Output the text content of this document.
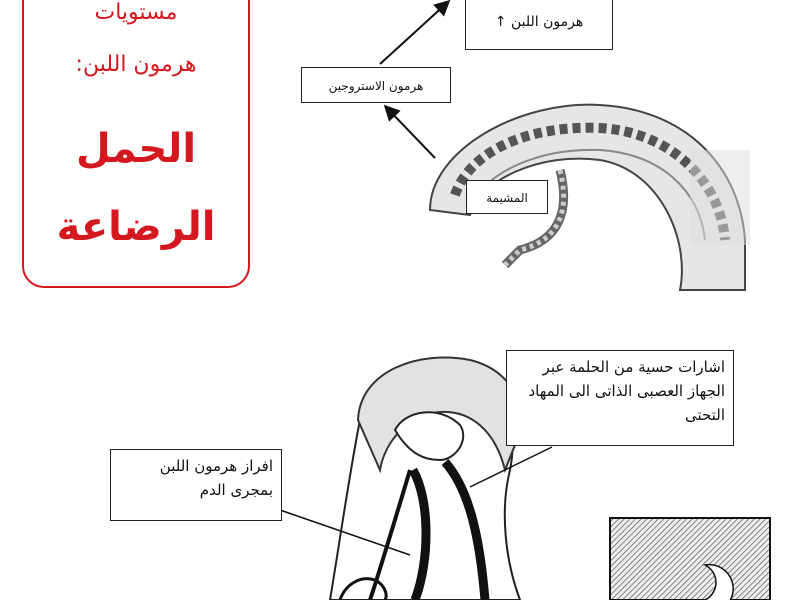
مستويات
هرمون اللبن:
الحمل
الرضاعة
هرمون اللبن ↑
هرمون الاستروجين
المشيمة
اشارات حسية من الحلمة عبر الجهاز العصبى الذاتى الى المهاد التحتى
افراز هرمون اللبن بمجرى الدم
